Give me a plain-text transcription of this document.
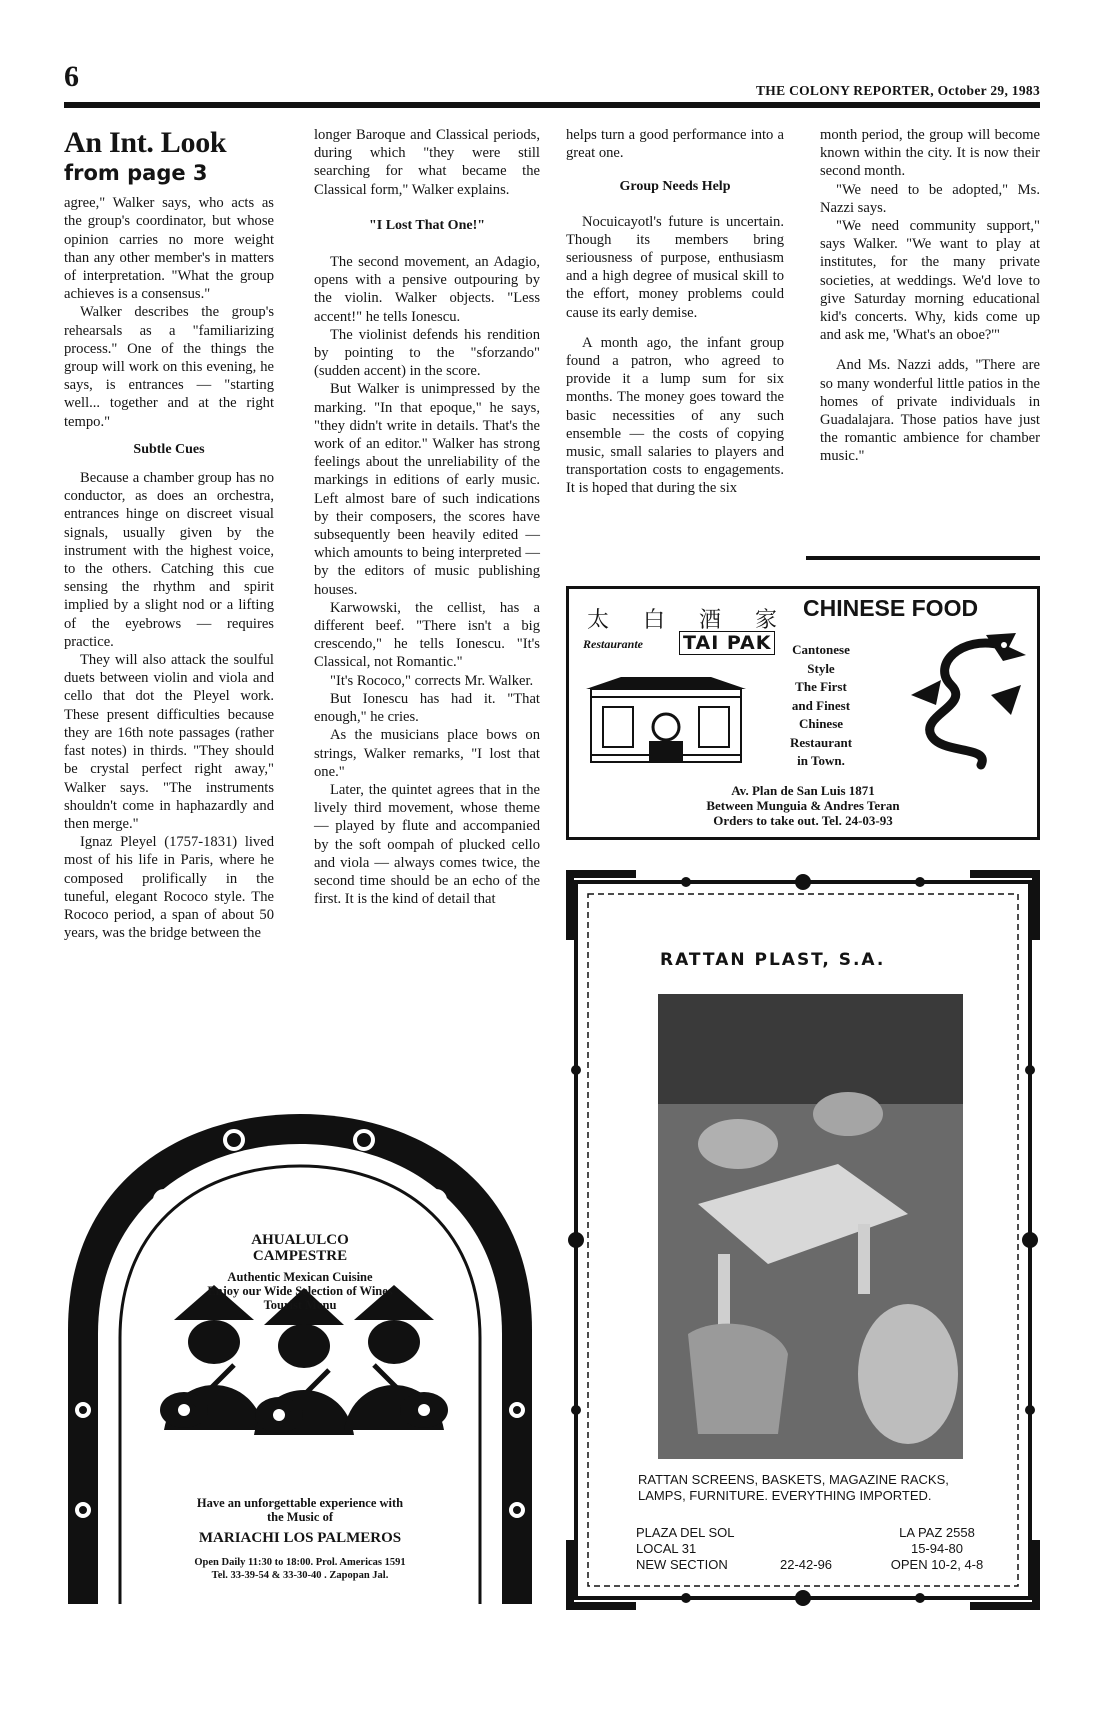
6	THE COLONY REPORTER, October 29, 1983
An Int. Look
from page 3

agree," Walker says, who acts as the group's coordinator, but whose opinion carries no more weight than any other member's in matters of interpretation. "What the group achieves is a consensus."

Walker describes the group's rehearsals as a "familiarizing process." One of the things the group will work on this evening, he says, is entrances — "starting well... together and at the right tempo."

Subtle Cues

Because a chamber group has no conductor, as does an orchestra, entrances hinge on discreet visual signals, usually given by the instrument with the highest voice, to the others. Catching this cue sensing the rhythm and spirit implied by a slight nod or a lifting of the eyebrows — requires practice.

They will also attack the soulful duets between violin and viola and cello that dot the Pleyel work. These present difficulties because they are 16th note passages (rather fast notes) in thirds. "They should be crystal perfect right away," Walker says. "The instruments shouldn't come in haphazardly and then merge."

Ignaz Pleyel (1757-1831) lived most of his life in Paris, where he composed prolifically in the tuneful, elegant Rococo style. The Rococo period, a span of about 50 years, was the bridge between the

longer Baroque and Classical periods, during which "they were still searching for what became the Classical form," Walker explains.

"I Lost That One!"

The second movement, an Adagio, opens with a pensive outpouring by the violin. Walker objects. "Less accent!" he tells Ionescu.

The violinist defends his rendition by pointing to the "sforzando" (sudden accent) in the score.

But Walker is unimpressed by the marking. "In that epoque," he says, "they didn't write in details. That's the work of an editor." Walker has strong feelings about the unreliability of the markings in editions of early music. Left almost bare of such indications by their composers, the scores have subsequently been heavily edited — which amounts to being interpreted — by the editors of music publishing houses.

Karwowski, the cellist, has a different beef. "There isn't a big crescendo," he tells Ionescu. "It's Classical, not Romantic."

"It's Rococo," corrects Mr. Walker.

But Ionescu has had it. "That enough," he cries.

As the musicians place bows on strings, Walker remarks, "I lost that one."

Later, the quintet agrees that in the lively third movement, whose theme — played by flute and accompanied by the soft oompah of plucked cello and viola — always comes twice, the second time should be an echo of the first. It is the kind of detail that

helps turn a good performance into a great one.

Group Needs Help

Nocuicayotl's future is uncertain. Though its members bring seriousness of purpose, enthusiasm and a high degree of musical skill to the effort, money problems could cause its early demise.

A month ago, the infant group found a patron, who agreed to provide it a lump sum for six months. The money goes toward the basic necessities of any such ensemble — the costs of copying music, small salaries to players and transportation costs to engagements. It is hoped that during the six

month period, the group will become known within the city. It is now their second month.

"We need to be adopted," Ms. Nazzi says.

"We need community support," says Walker. "We want to play at institutes, for the many private societies, at weddings. We'd love to give Saturday morning educational kid's concerts. Why, kids come up and ask me, 'What's an oboe?'"

And Ms. Nazzi adds, "There are so many wonderful little patios in the homes of private individuals in Guadalajara. Those patios have just the romantic ambience for chamber music."

太白酒家
Restaurante TAI PAK
CHINESE FOOD
Cantonese
Style
The First
and Finest
Chinese
Restaurant
in Town.
Av. Plan de San Luis 1871
Between Munguia & Andres Teran
Orders to take out. Tel. 24-03-93
RATTAN PLAST, S.A.
RATTAN SCREENS, BASKETS, MAGAZINE RACKS,
LAMPS, FURNITURE. EVERYTHING IMPORTED.
PLAZA DEL SOL
LOCAL 31
NEW SECTION	22-42-96
LA PAZ 2558
15-94-80
OPEN 10-2, 4-8
AHUALULCO
CAMPESTRE
Authentic Mexican Cuisine
Enjoy our Wide Selection of Wines
Tourist Menu
Have an unforgettable experience with
the Music of
MARIACHI LOS PALMEROS
Open Daily 11:30 to 18:00. Prol. Americas 1591
Tel. 33-39-54 & 33-30-40 . Zapopan Jal.
